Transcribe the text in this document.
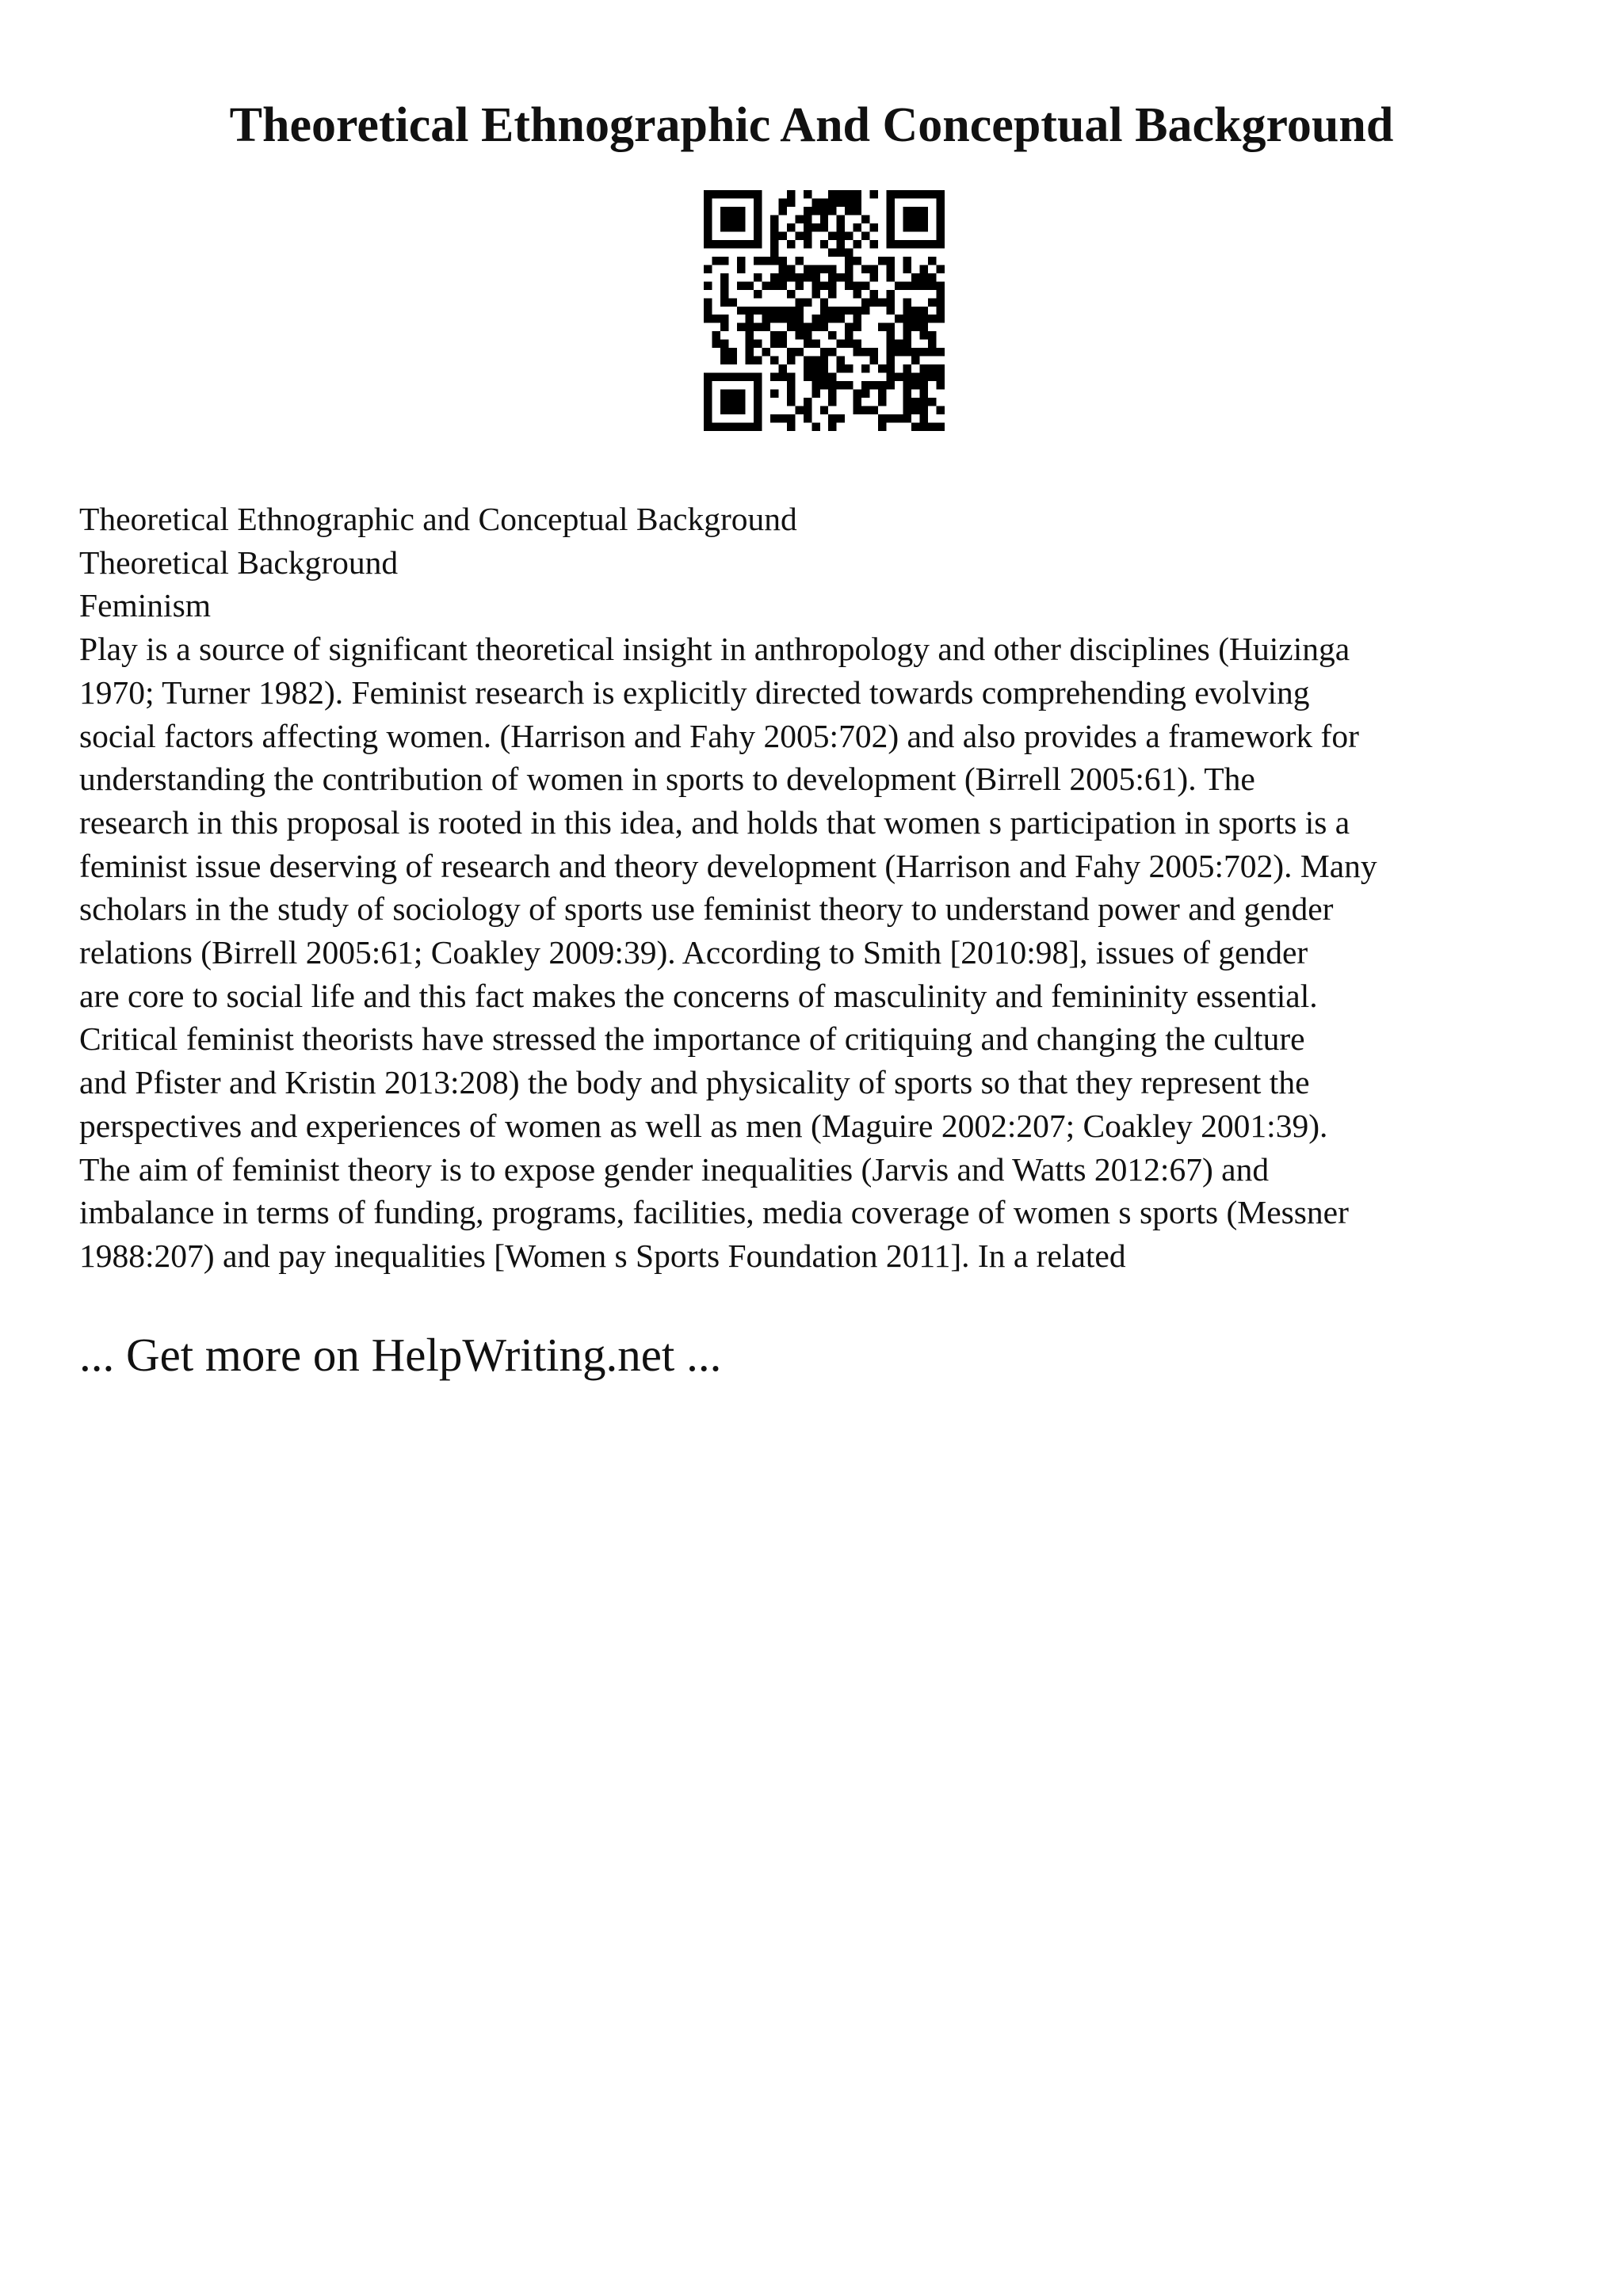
Theoretical Ethnographic And Conceptual Background
Theoretical Ethnographic and Conceptual Background
Theoretical Background
Feminism
Play is a source of significant theoretical insight in anthropology and other disciplines (Huizinga
1970; Turner 1982). Feminist research is explicitly directed towards comprehending evolving
social factors affecting women. (Harrison and Fahy 2005:702) and also provides a framework for
understanding the contribution of women in sports to development (Birrell 2005:61). The
research in this proposal is rooted in this idea, and holds that women s participation in sports is a
feminist issue deserving of research and theory development (Harrison and Fahy 2005:702). Many
scholars in the study of sociology of sports use feminist theory to understand power and gender
relations (Birrell 2005:61; Coakley 2009:39). According to Smith [2010:98], issues of gender
are core to social life and this fact makes the concerns of masculinity and femininity essential.
Critical feminist theorists have stressed the importance of critiquing and changing the culture
and Pfister and Kristin 2013:208) the body and physicality of sports so that they represent the
perspectives and experiences of women as well as men (Maguire 2002:207; Coakley 2001:39).
The aim of feminist theory is to expose gender inequalities (Jarvis and Watts 2012:67) and
imbalance in terms of funding, programs, facilities, media coverage of women s sports (Messner
1988:207) and pay inequalities [Women s Sports Foundation 2011]. In a related
... Get more on HelpWriting.net ...
